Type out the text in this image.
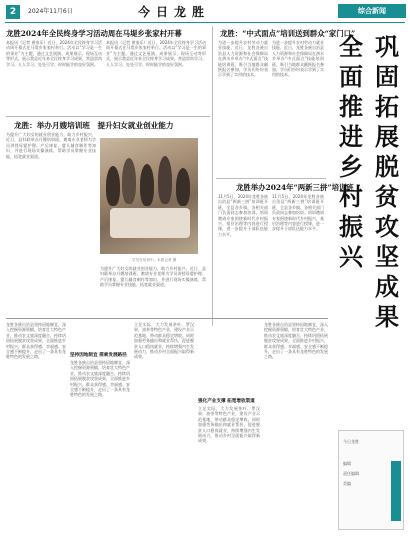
2	2024年11月6日	今日龙胜	综合新闻
龙胜2024年全民终身学习活动周在马堤乡张家村开幕
本报讯（记者 黄家乐）近日，2024年全民终身学习活动周开幕式在马堤乡张家村举行。活动以“学习是一生的事业”为主题，通过文艺展演、成果展示、现场互动等形式，展示我县近年来全民终身学习成果，营造崇尚学习、人人学习、处处可学、时时能学的良好氛围。
本报讯（记者 黄家乐）近日，2024年全民终身学习活动周开幕式在马堤乡张家村举行。活动以“学习是一生的事业”为主题，通过文艺展演、成果展示、现场互动等形式，展示我县近年来全民终身学习成果，营造崇尚学习、人人学习、处处可学、时时能学的良好氛围。
龙胜：举办月嫂培训班　提升妇女就业创业能力
为提升广大妇女的就业创业能力，助力乡村振兴，近日，县妇联举办月嫂培训班，邀请专业老师为学员讲授母婴护理、产后康复、婴儿辅食制作等知识，并进行现场实操演练，帮助学员掌握专业技能，拓宽就业渠道。
学员在培训中。本报记者 摄
为提升广大妇女的就业创业能力，助力乡村振兴，近日，县妇联举办月嫂培训班，邀请专业老师为学员讲授母婴护理、产后康复、婴儿辅食制作等知识，并进行现场实操演练，帮助学员掌握专业技能，拓宽就业渠道。
龙胜：“中式面点”培训送到群众“家门口”
为进一步提升农村劳动力就业技能，近日，龙胜各族自治县人力资源和社会保障局在泗水乡举办“中式面点”技能培训班，吸引当地群众踊跃报名参加，学员们纷纷表示学到了实用的技术。
为进一步提升农村劳动力就业技能，近日，龙胜各族自治县人力资源和社会保障局在泗水乡举办“中式面点”技能培训班，吸引当地群众踊跃报名参加，学员们纷纷表示学到了实用的技术。
龙胜举办2024年“两新三拼”培训班
11月5日，2024年龙胜各族自治县“两新三拼”培训班开班，全县各乡镇、各相关部门负责同志参加培训。培训邀请专家围绕新时代乡村振兴、基层治理等内容进行授课，进一步提升干部队伍能力水平。
11月5日，2024年龙胜各族自治县“两新三拼”培训班开班，全县各乡镇、各相关部门负责同志参加培训。培训邀请专家围绕新时代乡村振兴、基层治理等内容进行授课，进一步提升干部队伍能力水平。
巩固拓展脱贫攻坚成果
全面推进乡村振兴
龙胜各族自治县坚持因地制宜，深入挖掘资源禀赋，培育壮大特色产业，推动农文旅深度融合，持续巩固拓展脱贫攻坚成果，全面推进乡村振兴，群众获得感、幸福感、安全感不断提升，走出了一条具有龙胜特色的发展之路。	坚持因地制宜 探索发展路径
龙胜各族自治县坚持因地制宜，深入挖掘资源禀赋，培育壮大特色产业，推动农文旅深度融合，持续巩固拓展脱贫攻坚成果，全面推进乡村振兴，群众获得感、幸福感、安全感不断提升，走出了一条具有龙胜特色的发展之路。
立足实际，大力发展茶叶、罗汉果、油茶等特色产业，建设产业示范基地，带动群众稳定增收。同时加强劳务输出和就业帮扶，促进脱贫人口稳岗就业，持续增强内生发展动力，推动乡村全面振兴取得新成效。
强化产业支撑 拓宽增收渠道
立足实际，大力发展茶叶、罗汉果、油茶等特色产业，建设产业示范基地，带动群众稳定增收。同时加强劳务输出和就业帮扶，促进脱贫人口稳岗就业，持续增强内生发展动力，推动乡村全面振兴取得新成效。
龙胜各族自治县坚持因地制宜，深入挖掘资源禀赋，培育壮大特色产业，推动农文旅深度融合，持续巩固拓展脱贫攻坚成果，全面推进乡村振兴，群众获得感、幸福感、安全感不断提升，走出了一条具有龙胜特色的发展之路。
今日龙胜
编辑
责任编辑
美编
